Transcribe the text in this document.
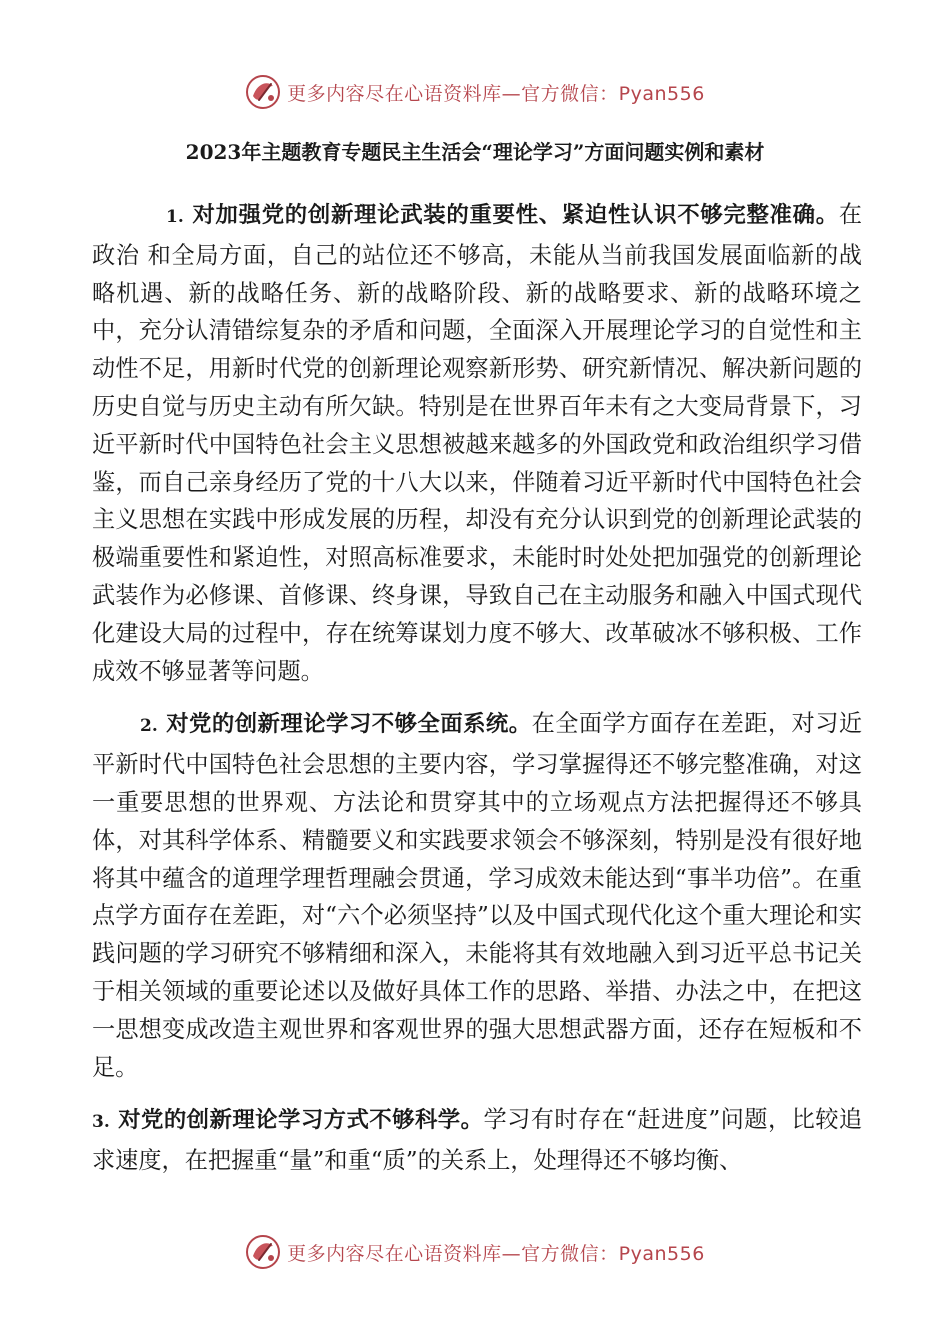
更多内容尽在心语资料库—官方微信：Pyan556
2023年主题教育专题民主生活会“理论学习”方面问题实例和素材

1. 对加强党的创新理论武装的重要性、紧迫性认识不够完整准确。在政治 和全局方面，自己的站位还不够高，未能从当前我国发展面临新的战略机遇、新的战略任务、新的战略阶段、新的战略要求、新的战略环境之中，充分认清错综复杂的矛盾和问题，全面深入开展理论学习的自觉性和主动性不足，用新时代党的创新理论观察新形势、研究新情况、解决新问题的历史自觉与历史主动有所欠缺。特别是在世界百年未有之大变局背景下，习近平新时代中国特色社会主义思想被越来越多的外国政党和政治组织学习借鉴，而自己亲身经历了党的十八大以来，伴随着习近平新时代中国特色社会主义思想在实践中形成发展的历程，却没有充分认识到党的创新理论武装的极端重要性和紧迫性，对照高标准要求，未能时时处处把加强党的创新理论武装作为必修课、首修课、终身课，导致自己在主动服务和融入中国式现代化建设大局的过程中，存在统筹谋划力度不够大、改革破冰不够积极、工作成效不够显著等问题。

2. 对党的创新理论学习不够全面系统。在全面学方面存在差距，对习近平新时代中国特色社会思想的主要内容，学习掌握得还不够完整准确，对这一重要思想的世界观、方法论和贯穿其中的立场观点方法把握得还不够具体，对其科学体系、精髓要义和实践要求领会不够深刻，特别是没有很好地将其中蕴含的道理学理哲理融会贯通，学习成效未能达到“事半功倍”。在重点学方面存在差距，对“六个必须坚持”以及中国式现代化这个重大理论和实践问题的学习研究不够精细和深入，未能将其有效地融入到习近平总书记关于相关领域的重要论述以及做好具体工作的思路、举措、办法之中，在把这一思想变成改造主观世界和客观世界的强大思想武器方面，还存在短板和不足。

3. 对党的创新理论学习方式不够科学。学习有时存在“赶进度”问题，比较追求速度，在把握重“量”和重“质”的关系上，处理得还不够均衡、

更多内容尽在心语资料库—官方微信：Pyan556
